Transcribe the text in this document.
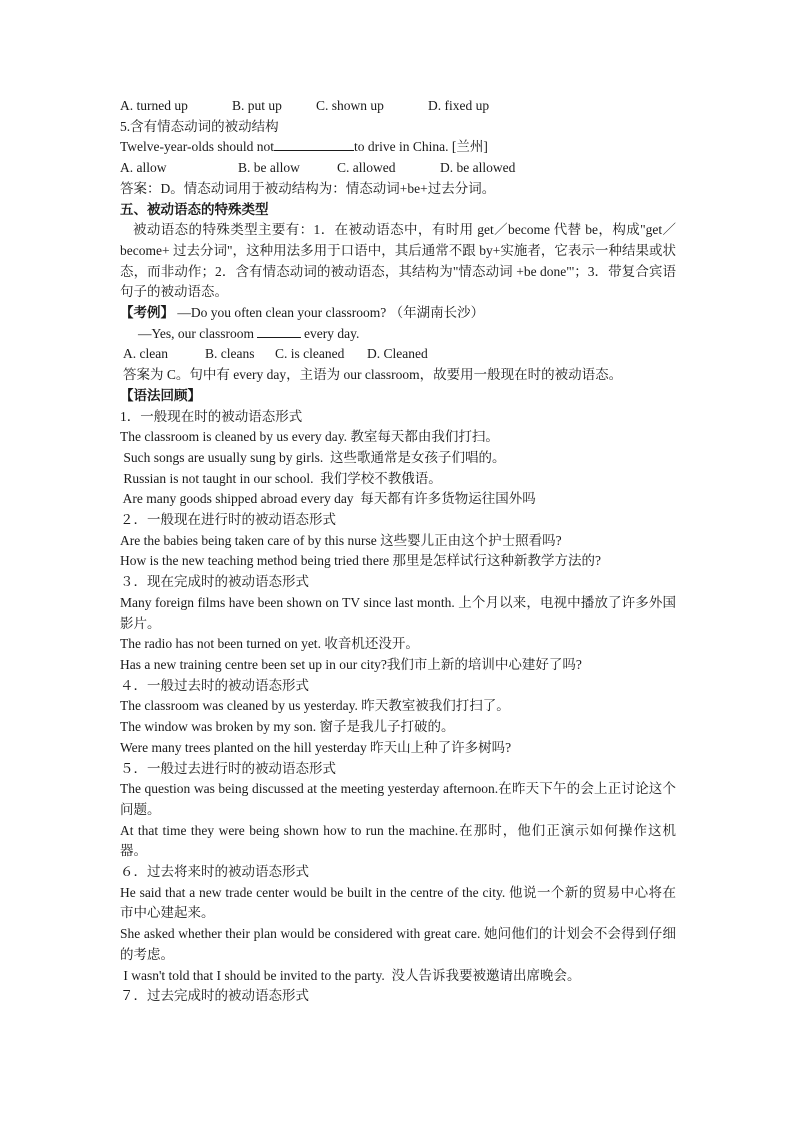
A. turned up	B. put up	C. shown up	D. fixed up
5.含有情态动词的被动结构
Twelve-year-olds should not	to drive in China. [兰州]
A. allow	B. be allow	C. allowed	D. be allowed
答案：D。情态动词用于被动结构为：情态动词+be+过去分词。
五、被动语态的特殊类型
被动语态的特殊类型主要有：1．在被动语态中，有时用 get／become 代替 be，构成"get／become+ 过去分词"，这种用法多用于口语中，其后通常不跟 by+实施者，它表示一种结果或状态，而非动作；2．含有情态动词的被动语态，其结构为"情态动词 +be done"'；3．带复合宾语句子的被动语态。
【考例】 —Do you often clean your classroom? （年湖南长沙）
—Yes, our classroom	every day.
A. clean	B. cleans	C. is cleaned	D. Cleaned
答案为 C。句中有 every day，主语为 our classroom，故要用一般现在时的被动语态。
【语法回顾】
1．一般现在时的被动语态形式
The classroom is cleaned by us every day. 教室每天都由我们打扫。
Such songs are usually sung by girls.  这些歌通常是女孩子们唱的。
Russian is not taught in our school.  我们学校不教俄语。
Are many goods shipped abroad every day  每天都有许多货物运往国外吗
２．一般现在进行时的被动语态形式
Are the babies being taken care of by this nurse 这些婴儿正由这个护士照看吗?
How is the new teaching method being tried there 那里是怎样试行这种新教学方法的?
３．现在完成时的被动语态形式
Many foreign films have been shown on TV since last month. 上个月以来，电视中播放了许多外国影片。
The radio has not been turned on yet. 收音机还没开。
Has a new training centre been set up in our city?我们市上新的培训中心建好了吗?
４．一般过去时的被动语态形式
The classroom was cleaned by us yesterday. 昨天教室被我们打扫了。
The window was broken by my son. 窗子是我儿子打破的。
Were many trees planted on the hill yesterday 昨天山上种了许多树吗?
５．一般过去进行时的被动语态形式
The question was being discussed at the meeting yesterday afternoon.在昨天下午的会上正讨论这个问题。
At that time they were being shown how to run the machine.在那时，他们正演示如何操作这机器。
６．过去将来时的被动语态形式
He said that a new trade center would be built in the centre of the city. 他说一个新的贸易中心将在市中心建起来。
She asked whether their plan would be considered with great care. 她问他们的计划会不会得到仔细的考虑。
I wasn't told that I should be invited to the party.  没人告诉我要被邀请出席晚会。
７．过去完成时的被动语态形式
